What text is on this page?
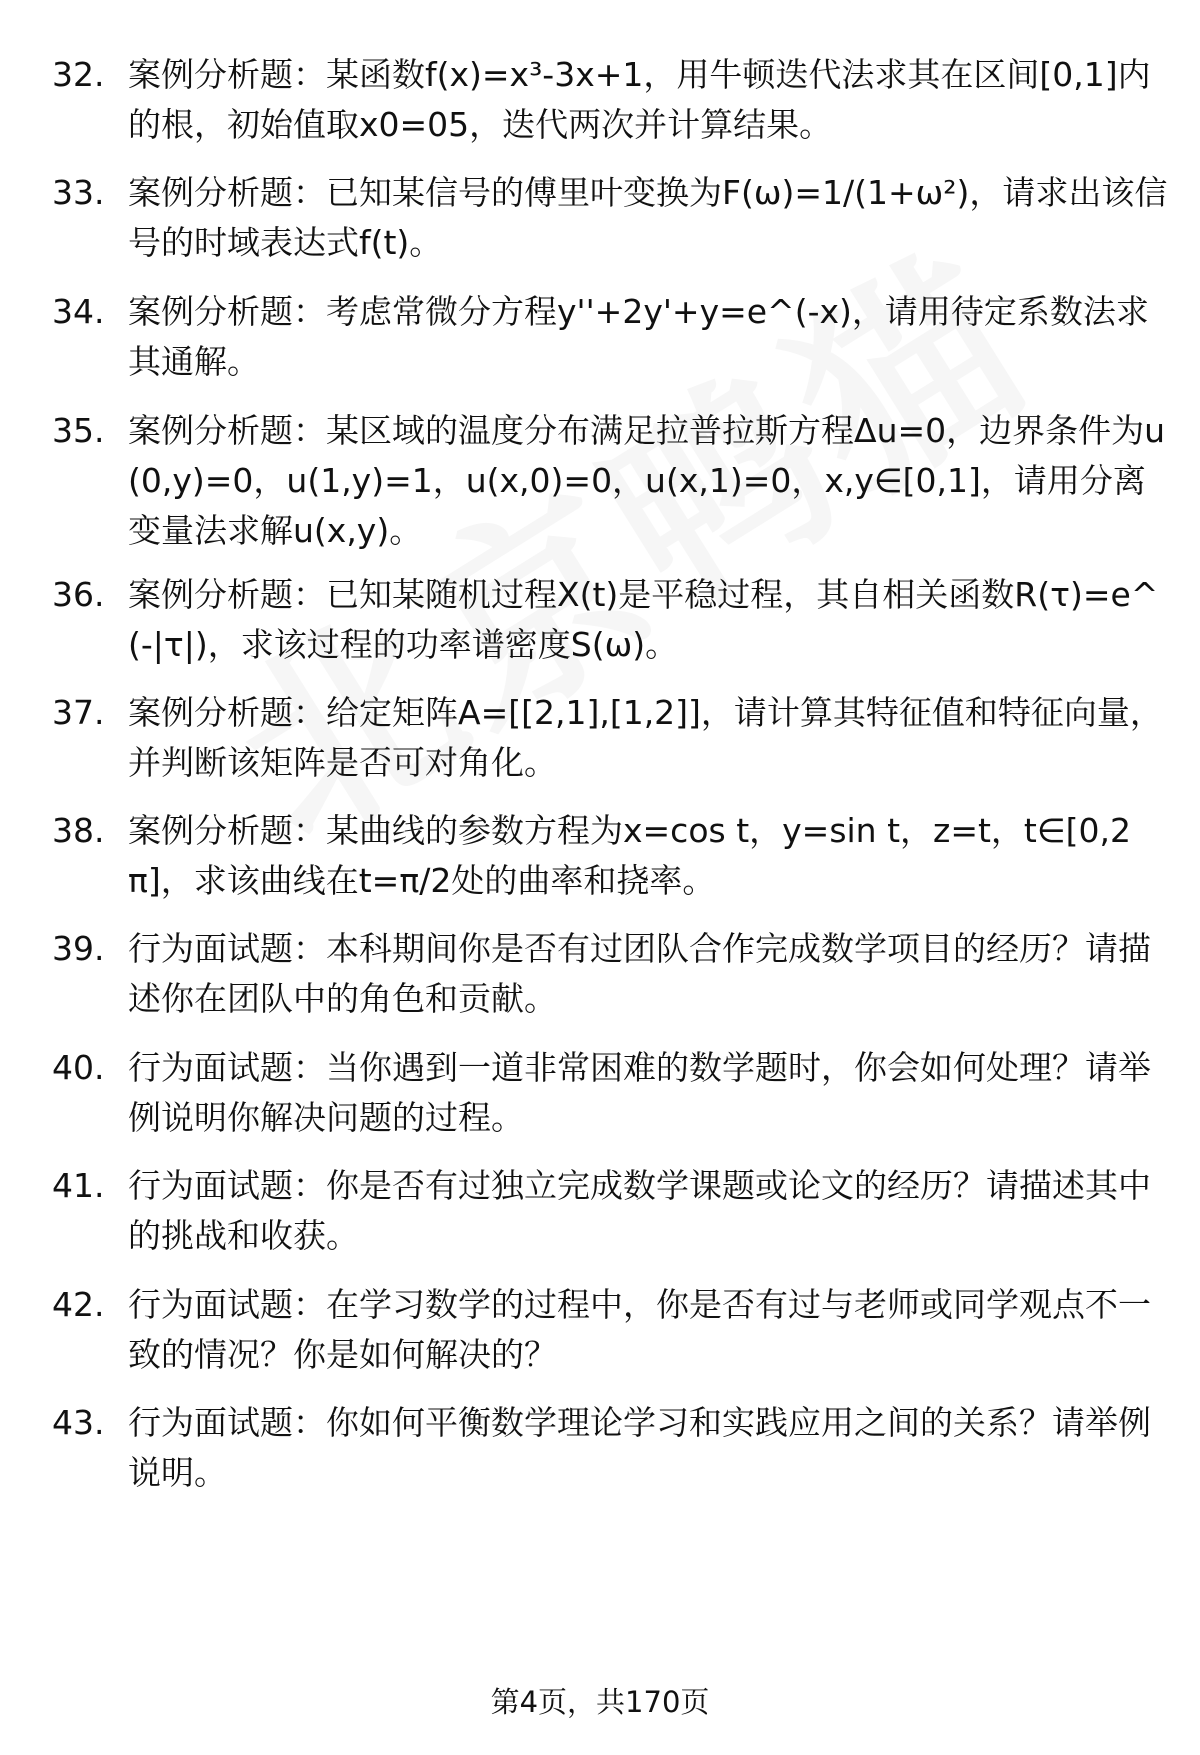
32. 案例分析题：某函数f(x)=x³-3x+1，用牛顿迭代法求其在区间[0,1]内的根，初始值取x0=05，迭代两次并计算结果。
33. 案例分析题：已知某信号的傅里叶变换为F(ω)=1/(1+ω²)，请求出该信号的时域表达式f(t)。
34. 案例分析题：考虑常微分方程y''+2y'+y=e^(-x)，请用待定系数法求其通解。
35. 案例分析题：某区域的温度分布满足拉普拉斯方程Δu=0，边界条件为u(0,y)=0，u(1,y)=1，u(x,0)=0，u(x,1)=0，x,y∈[0,1]，请用分离变量法求解u(x,y)。
36. 案例分析题：已知某随机过程X(t)是平稳过程，其自相关函数R(τ)=e^(-|τ|)，求该过程的功率谱密度S(ω)。
37. 案例分析题：给定矩阵A=[[2,1],[1,2]]，请计算其特征值和特征向量，并判断该矩阵是否可对角化。
38. 案例分析题：某曲线的参数方程为x=cos t，y=sin t，z=t，t∈[0,2π]，求该曲线在t=π/2处的曲率和挠率。
39. 行为面试题：本科期间你是否有过团队合作完成数学项目的经历？请描述你在团队中的角色和贡献。
40. 行为面试题：当你遇到一道非常困难的数学题时，你会如何处理？请举例说明你解决问题的过程。
41. 行为面试题：你是否有过独立完成数学课题或论文的经历？请描述其中的挑战和收获。
42. 行为面试题：在学习数学的过程中，你是否有过与老师或同学观点不一致的情况？你是如何解决的？
43. 行为面试题：你如何平衡数学理论学习和实践应用之间的关系？请举例说明。
第4页，共170页
